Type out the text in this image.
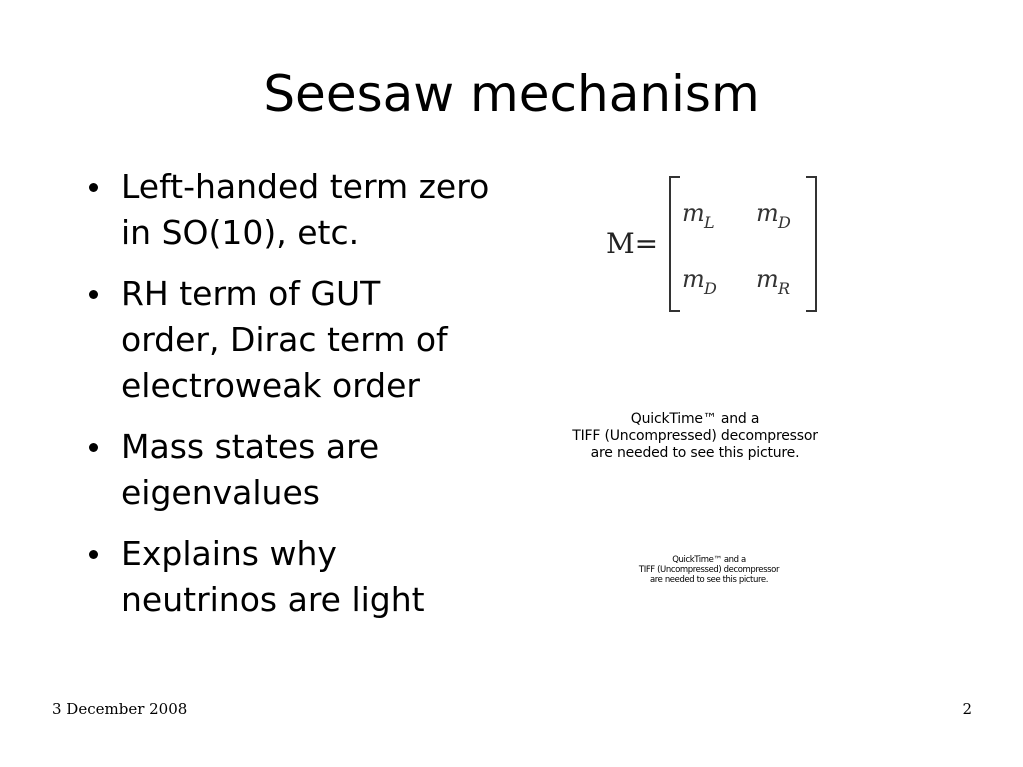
Seesaw mechanism
Left-handed term zero
in SO(10), etc.
RH term of GUT
order, Dirac term of
electroweak order
Mass states are
eigenvalues
Explains why
neutrinos are light
M=
m L m D
m D m R
QuickTime™ and a
TIFF (Uncompressed) decompressor
are needed to see this picture.
QuickTime™ and a
TIFF (Uncompressed) decompressor
are needed to see this picture.
3 December 2008	2
